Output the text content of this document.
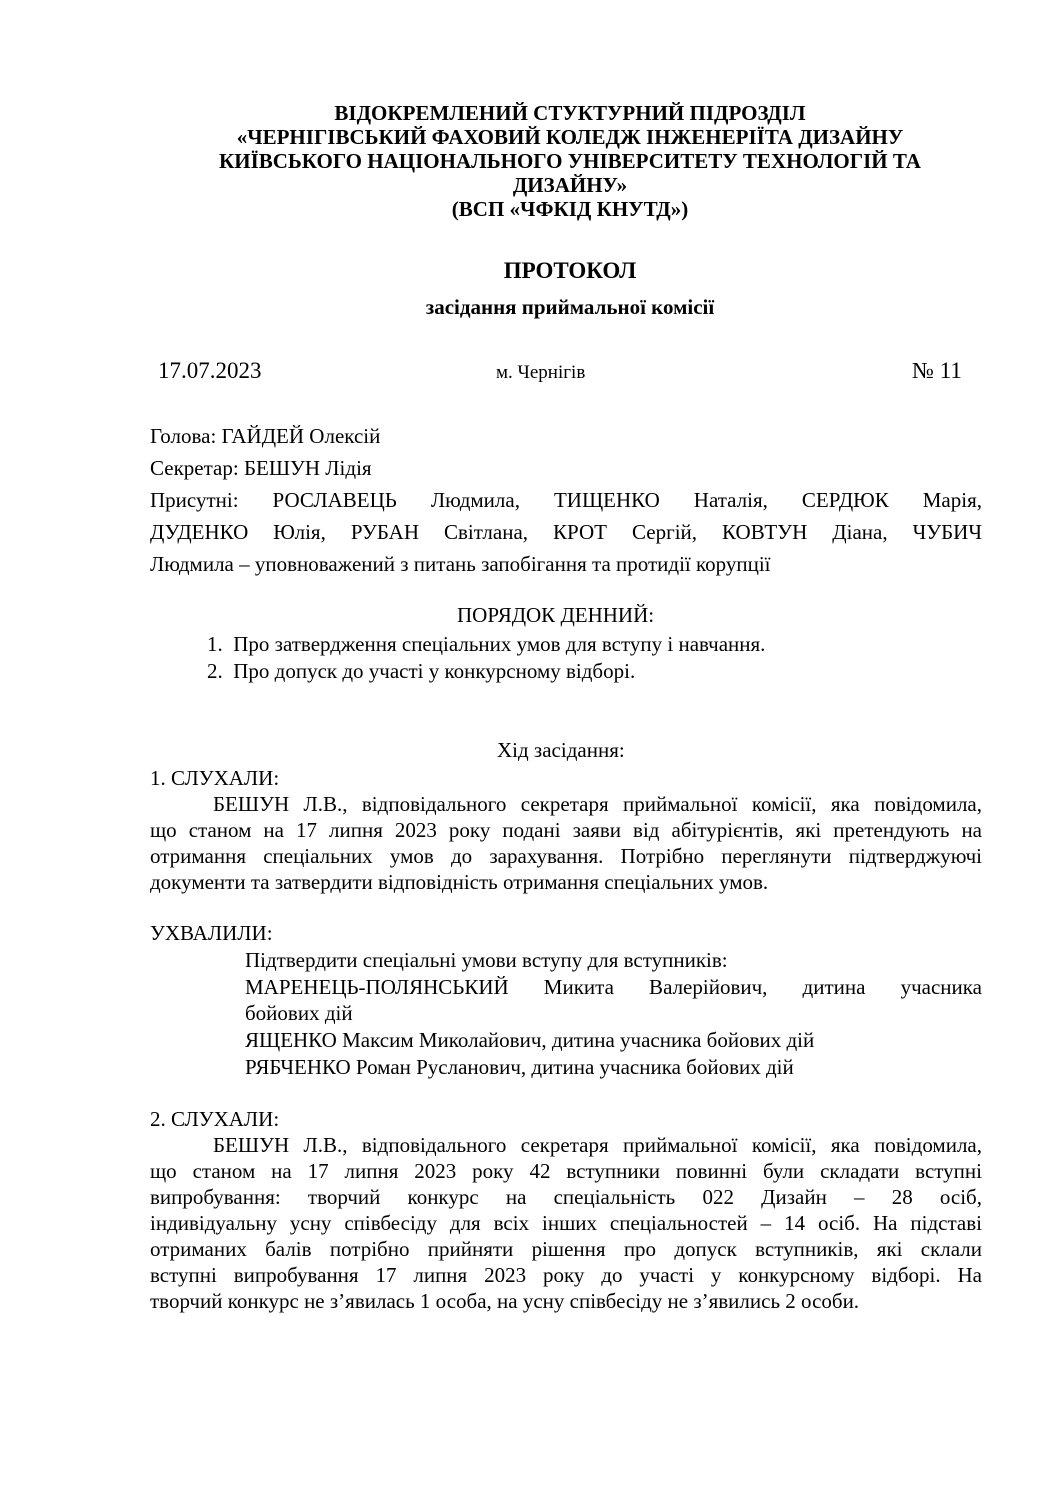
ВІДОКРЕМЛЕНИЙ СТУКТУРНИЙ ПІДРОЗДІЛ
«ЧЕРНІГІВСЬКИЙ ФАХОВИЙ КОЛЕДЖ ІНЖЕНЕРІЇТА ДИЗАЙНУ
КИЇВСЬКОГО НАЦІОНАЛЬНОГО УНІВЕРСИТЕТУ ТЕХНОЛОГІЙ ТА
ДИЗАЙНУ»
(ВСП «ЧФКІД КНУТД»)
ПРОТОКОЛ
засідання приймальної комісії
17.07.2023	м. Чернігів	№ 11
Голова: ГАЙДЕЙ Олексій
Секретар: БЕШУН Лідія
Присутні: РОСЛАВЕЦЬ Людмила, ТИЩЕНКО Наталія, СЕРДЮК Марія,
ДУДЕНКО Юлія, РУБАН Світлана, КРОТ Сергій, КОВТУН Діана, ЧУБИЧ
Людмила – уповноважений з питань запобігання та протидії корупції
ПОРЯДОК ДЕННИЙ:
1.  Про затвердження спеціальних умов для вступу і навчання.
2.  Про допуск до участі у конкурсному відборі.
Хід засідання:
1. СЛУХАЛИ:
БЕШУН Л.В., відповідального секретаря приймальної комісії, яка повідомила,
що станом на 17 липня 2023 року подані заяви від абітурієнтів, які претендують на
отримання спеціальних умов до зарахування. Потрібно переглянути підтверджуючі
документи та затвердити відповідність отримання спеціальних умов.
УХВАЛИЛИ:
Підтвердити спеціальні умови вступу для вступників:
МАРЕНЕЦЬ-ПОЛЯНСЬКИЙ Микита Валерійович, дитина учасника
бойових дій
ЯЩЕНКО Максим Миколайович, дитина учасника бойових дій
РЯБЧЕНКО Роман Русланович, дитина учасника бойових дій
2. СЛУХАЛИ:
БЕШУН Л.В., відповідального секретаря приймальної комісії, яка повідомила,
що станом на 17 липня 2023 року 42 вступники повинні були складати вступні
випробування: творчий конкурс на спеціальність 022 Дизайн – 28 осіб,
індивідуальну усну співбесіду для всіх інших спеціальностей – 14 осіб. На підставі
отриманих балів потрібно прийняти рішення про допуск вступників, які склали
вступні випробування 17 липня 2023 року до участі у конкурсному відборі. На
творчий конкурс не з’явилась 1 особа, на усну співбесіду не з’явились 2 особи.
